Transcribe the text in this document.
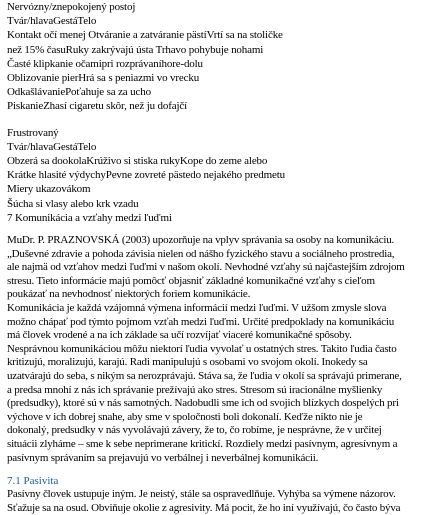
Nervózny/znepokojený postoj
Tvár/hlavaGestáTelo
Kontakt očí menej Otváranie a zatváranie pästíVrtí sa na stoličke
než 15% časuRuky zakrývajú ústa Trhavo pohybuje nohami
Časté klipkanie očamipri rozprávaníhore-dolu
Oblizovanie pierHrá sa s peniazmi vo vrecku
OdkašlávaniePoťahuje sa za ucho
PiskanieZhasí cigaretu skôr, než ju dofajčí
Frustrovaný
Tvár/hlavaGestáTelo
Obzerá sa dookolaKrúživo si stiska rukyKope do zeme alebo
Krátke hlasité výdychyPevne zovreté pästedo nejakého predmetu
Miery ukazovákom
Šúcha si vlasy alebo krk vzadu
7 Komunikácia a vzťahy medzi ľuďmi
MuDr. P. PRAZNOVSKÁ (2003) upozorňuje na vplyv správania sa osoby na komunikáciu.
„Duševné zdravie a pohoda závisia nielen od nášho fyzického stavu a sociálneho prostredia,
ale najmä od vzťahov medzi ľuďmi v našom okolí. Nevhodné vzťahy sú najčastejším zdrojom
stresu. Tieto informácie majú pomôcť objasniť základné komunikačné vzťahy s cieľom
poukázať na nevhodnosť niektorých foriem komunikácie.
Komunikácia je každá vzájomná výmena informácií medzi ľuďmi. V užšom zmysle slova
možno chápať pod týmto pojmom vzťah medzi ľuďmi. Určité predpoklady na komunikáciu
má človek vrodené a na ich základe sa učí rozvíjať viaceré komunikačné spôsoby.
Nesprávnou komunikáciou môžu niektorí ľudia vyvolať u ostatných stres. Takito ľudia často
kritizujú, moralizujú, karajú. Radi manipulujú s osobami vo svojom okolí. Inokedy sa
uzatvárajú do seba, s nikým sa nerozprávajú. Stáva sa, že ľudia v okolí sa správajú primerane,
a predsa mnohí z nás ich správanie prežívajú ako stres. Stresom sú iracionálne myšlienky
(predsudky), ktoré sú v nás samotných. Nadobudli sme ich od svojich blízkych dospelých pri
výchove v ich dobrej snahe, aby sme v spoločnosti boli dokonalí. Keďže nikto nie je
dokonalý, predsudky v nás vyvolávajú závery, že to, čo robíme, je nesprávne, že v určitej
situácii zlyháme – sme k sebe neprimerane kritickí. Rozdiely medzi pasívnym, agresívnym a
pasívnym správaním sa prejavujú vo verbálnej i neverbálnej komunikácii.
7.1 Pasivita
Pasívny človek ustupuje iným. Je neistý, stále sa ospravedlňuje. Vyhýba sa výmene názorov.
Sťažuje sa na osud. Obviňuje okolie z agresivity. Má pocit, že ho iní využívajú, čo často býva
